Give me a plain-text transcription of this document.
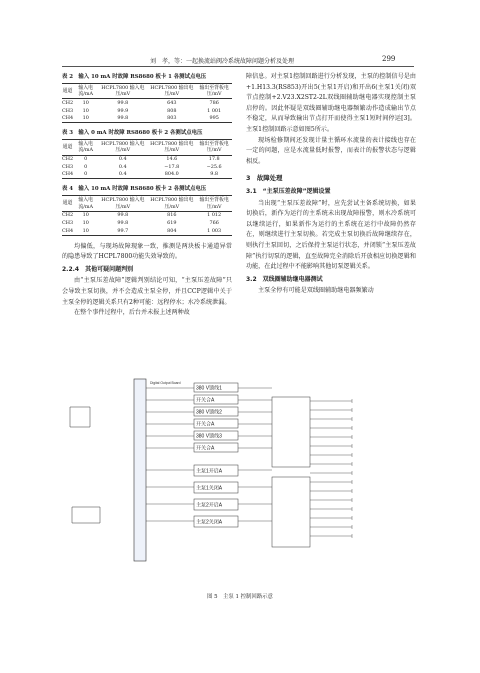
刘　孝，等：一起换流站阀冷系统故障问题分析及处理	299
表 2　输入 10 mA 时故障 RS8680 板卡 1 各测试点电压
通道	输入电流/mA	HCPL7800 输入电压/mV	HCPL7800 输出电压/mV	输出至背板电压/mV
CH2	10	99.8	643	786
CH3	10	99.9	808	1 001
CH4	10	99.8	803	995
表 3　输入 0 mA 时故障 RS8680 板卡 2 各测试点电压
通道	输入电流/mA	HCPL7800 输入电压/mV	HCPL7800 输出电压/mV	输出至背板电压/mV
CH2	0	0.4	14.6	17.8
CH3	0	0.4	−17.8	−25.6
CH4	0	0.4	804.0	9.8
表 4　输入 10 mA 时故障 RS8680 板卡 2 各测试点电压
通道	输入电流/mA	HCPL7800 输入电压/mV	HCPL7800 输出电压/mV	输出至背板电压/mV
CH2	10	99.8	816	1 012
CH3	10	99.8	619	766
CH4	10	99.7	804	1 003

均偏低，与现场故障现象一致，推测是两块板卡通道异常的隐患导致了HCPL7800功能失效导致的。

2.2.4　其他可疑问题判别

由“主泵压差故障”逻辑判别结论可知，“主泵压差故障”只会导致主泵切换，并不会造成主泵全停，并且CCP逻辑中关于主泵全停的逻辑关系只有2种可能：远程停水；水冷系统泄漏。

在整个事件过程中，后台并未报上述两种故

障信息。对主泵1控制回路进行分析发现，主泵的控制信号是由+1.H13.3(RS853)开出5(主泵1开启)和开出6(主泵1关闭)双节点控制+2.V23.X2ST2-2L双线圈辅助继电器实现控制主泵启停的。因此怀疑是双线圈辅助继电器频繁动作造成输出节点不稳定，从而导致输出节点打开而使得主泵1短时间停运[3]。主泵1控制回路示意如图5所示。

现场检修期间还发现计量主循环水流量的表计接线也存在一定的问题，应是水流量低时报警，而表计的报警状态与逻辑相反。

3　故障处理
3.1　“主泵压差故障”逻辑设置

当出现“主泵压差故障”时，应先尝试主备系统切换，如果切换后，新作为运行的主系统未出现故障报警，则水冷系统可以继续运行，如果新作为运行的主系统在运行中故障仍然存在，则继续进行主泵切换。若完成主泵切换后故障继续存在，则执行主泵回切，之后保持主泵运行状态，并闭锁“主泵压差故障”执行切泵的逻辑，直至故障完全消除后开放相应切换逻辑和功能，在此过程中不能影响其他切泵逻辑关系。

3.2　双线圈辅助继电器测试

主泵全停有可能是双线圈辅助继电器频繁动

Digital Output Board
380 V馈线1
开关合A
380 V馈线2
开关合A
380 V馈线3
开关合A
主泵1开启A
主泵1关闭A
主泵2开启A
主泵2关闭A
图 5　主泵 1 控制回路示意
